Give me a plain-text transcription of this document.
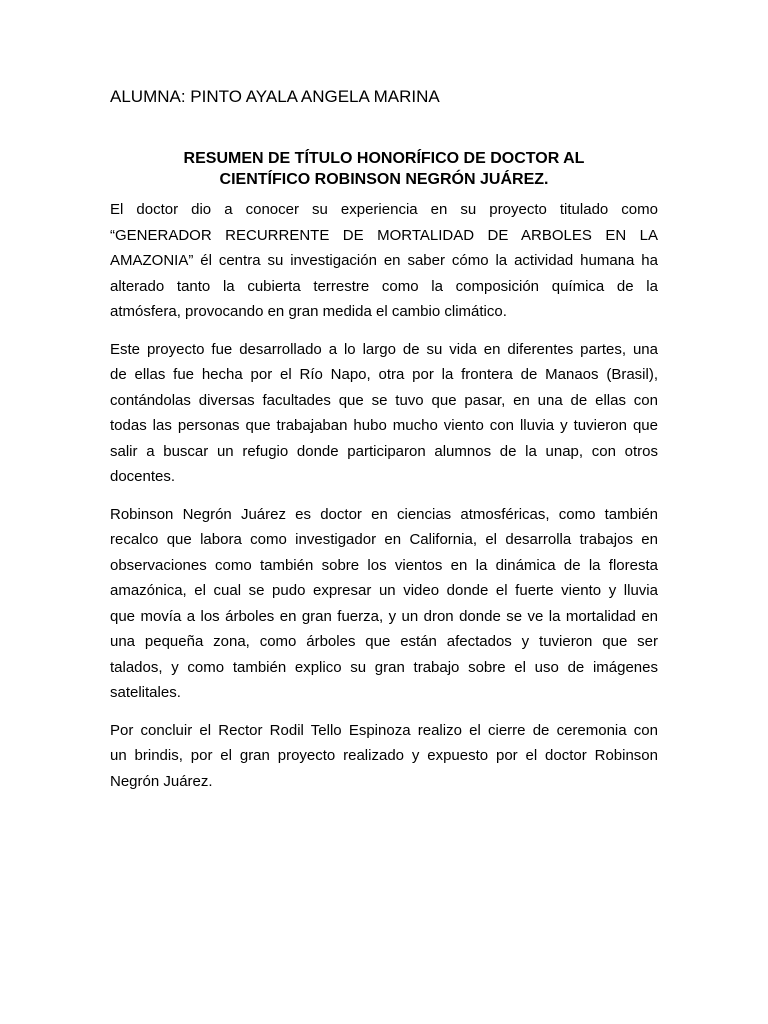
ALUMNA: PINTO AYALA ANGELA MARINA
RESUMEN DE TÍTULO HONORÍFICO DE DOCTOR AL
CIENTÍFICO ROBINSON NEGRÓN JUÁREZ.
El doctor dio a conocer su experiencia en su proyecto titulado como
“GENERADOR RECURRENTE DE MORTALIDAD DE ARBOLES EN LA
AMAZONIA” él centra su investigación en saber cómo la actividad humana ha
alterado tanto la cubierta terrestre como la composición química de la
atmósfera, provocando en gran medida el cambio climático.
Este proyecto fue desarrollado a lo largo de su vida en diferentes partes, una
de ellas fue hecha por el Río Napo, otra por la frontera de Manaos (Brasil),
contándolas diversas facultades que se tuvo que pasar, en una de ellas con
todas las personas que trabajaban hubo mucho viento con lluvia y tuvieron que
salir a buscar un refugio donde participaron alumnos de la unap, con otros
docentes.
Robinson Negrón Juárez es doctor en ciencias atmosféricas, como también
recalco que labora como investigador en California, el desarrolla trabajos en
observaciones como también sobre los vientos en la dinámica de la floresta
amazónica, el cual se pudo expresar un video donde el fuerte viento y lluvia
que movía a los árboles en gran fuerza, y un dron donde se ve la mortalidad en
una pequeña zona, como árboles que están afectados y tuvieron que ser
talados, y como también explico su gran trabajo sobre el uso de imágenes
satelitales.
Por concluir el Rector Rodil Tello Espinoza realizo el cierre de ceremonia con
un brindis, por el gran proyecto realizado y expuesto por el doctor Robinson
Negrón Juárez.
